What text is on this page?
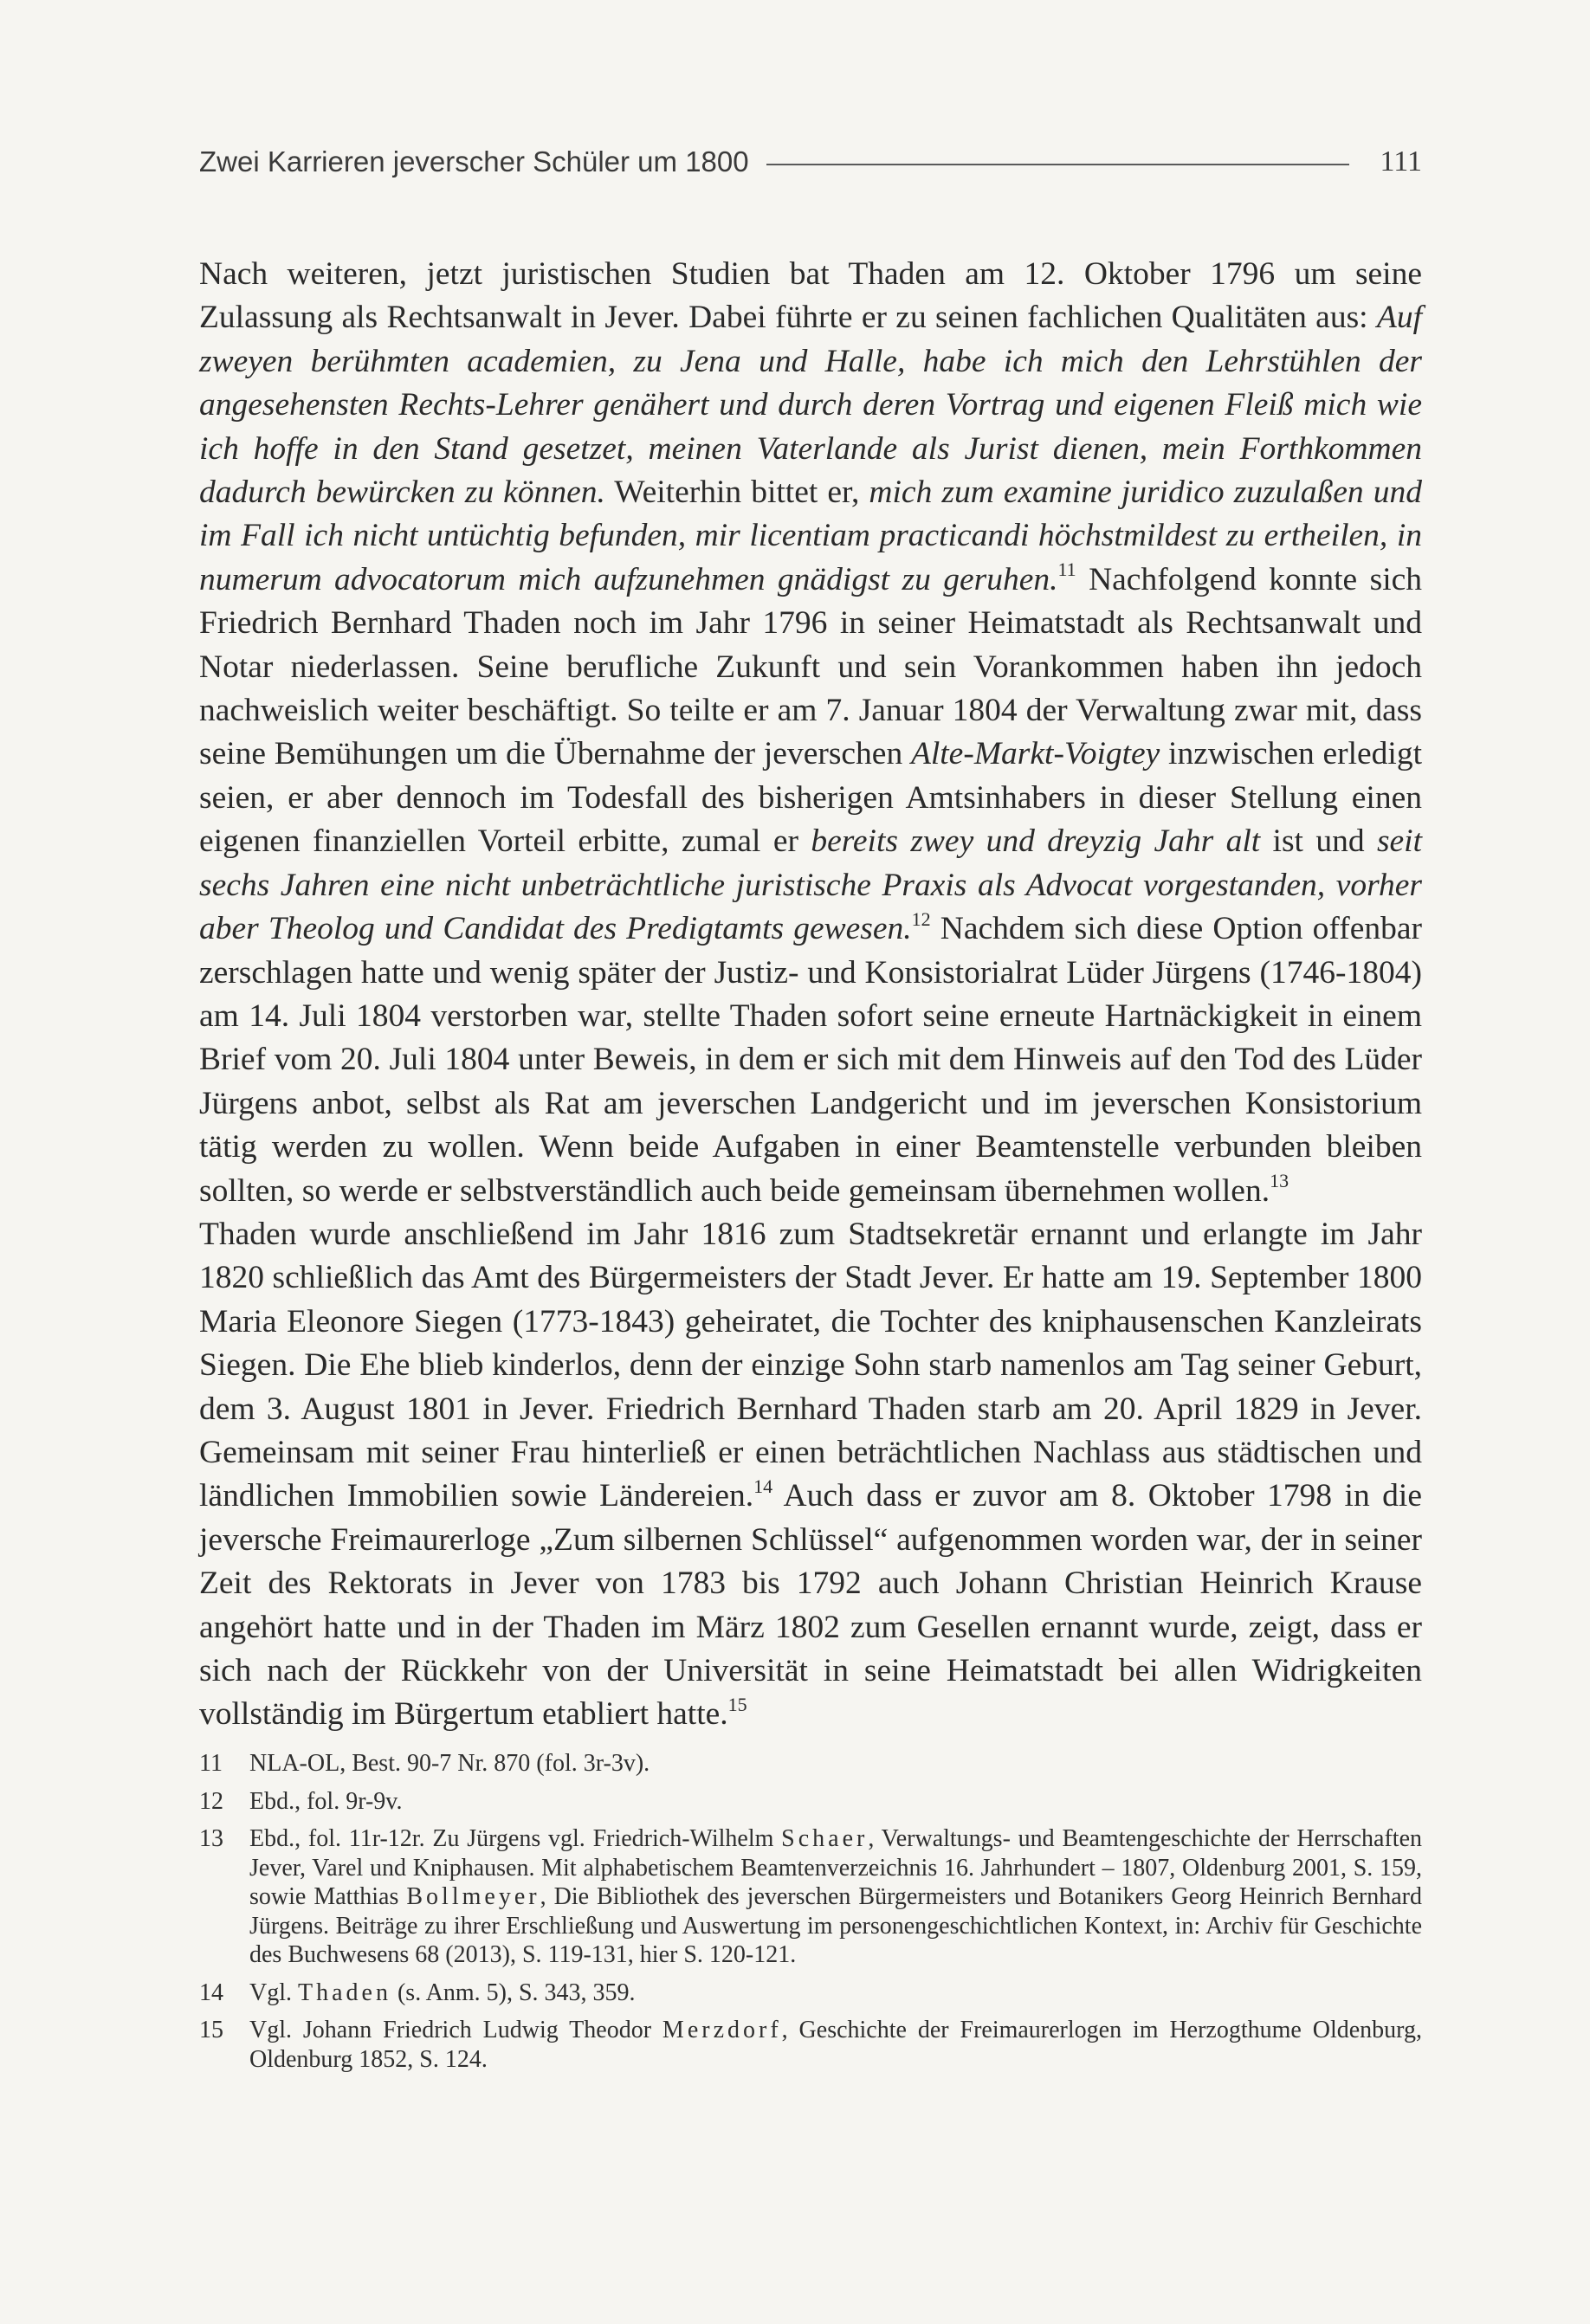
Zwei Karrieren jeverscher Schüler um 1800	111

Nach weiteren, jetzt juristischen Studien bat Thaden am 12. Oktober 1796 um seine Zulassung als Rechtsanwalt in Jever. Dabei führte er zu seinen fachlichen Qualitäten aus: Auf zweyen berühmten academien, zu Jena und Halle, habe ich mich den Lehrstühlen der angesehensten Rechts-Lehrer genähert und durch deren Vortrag und eigenen Fleiß mich wie ich hoffe in den Stand gesetzet, meinen Vaterlande als Jurist dienen, mein Forthkommen dadurch bewürcken zu können. Weiterhin bittet er, mich zum examine juridico zuzulaßen und im Fall ich nicht untüchtig befunden, mir licentiam practicandi höchstmildest zu ertheilen, in numerum advocatorum mich aufzunehmen gnädigst zu geruhen.$^{11}$ Nachfolgend konnte sich Friedrich Bernhard Thaden noch im Jahr 1796 in seiner Heimatstadt als Rechtsanwalt und Notar niederlassen. Seine berufliche Zukunft und sein Vorankommen haben ihn jedoch nachweislich weiter beschäftigt. So teilte er am 7. Januar 1804 der Verwaltung zwar mit, dass seine Bemühungen um die Übernahme der jeverschen Alte-Markt-Voigtey inzwischen erledigt seien, er aber dennoch im Todesfall des bisherigen Amtsinhabers in dieser Stellung einen eigenen finanziellen Vorteil erbitte, zumal er bereits zwey und dreyzig Jahr alt ist und seit sechs Jahren eine nicht unbeträchtliche juristische Praxis als Advocat vorgestanden, vorher aber Theolog und Candidat des Predigtamts gewesen.$^{12}$ Nachdem sich diese Option offenbar zerschlagen hatte und wenig später der Justiz- und Konsistorialrat Lüder Jürgens (1746-1804) am 14. Juli 1804 verstorben war, stellte Thaden sofort seine erneute Hartnäckigkeit in einem Brief vom 20. Juli 1804 unter Beweis, in dem er sich mit dem Hinweis auf den Tod des Lüder Jürgens anbot, selbst als Rat am jeverschen Landgericht und im jeverschen Konsistorium tätig werden zu wollen. Wenn beide Aufgaben in einer Beamtenstelle verbunden bleiben sollten, so werde er selbstverständlich auch beide gemeinsam übernehmen wollen.$^{13}$

Thaden wurde anschließend im Jahr 1816 zum Stadtsekretär ernannt und erlangte im Jahr 1820 schließlich das Amt des Bürgermeisters der Stadt Jever. Er hatte am 19. September 1800 Maria Eleonore Siegen (1773-1843) geheiratet, die Tochter des kniphausenschen Kanzleirats Siegen. Die Ehe blieb kinderlos, denn der einzige Sohn starb namenlos am Tag seiner Geburt, dem 3. August 1801 in Jever. Friedrich Bernhard Thaden starb am 20. April 1829 in Jever. Gemeinsam mit seiner Frau hinterließ er einen beträchtlichen Nachlass aus städtischen und ländlichen Immobilien sowie Ländereien.$^{14}$ Auch dass er zuvor am 8. Oktober 1798 in die jeversche Freimaurerloge „Zum silbernen Schlüssel“ aufgenommen worden war, der in seiner Zeit des Rektorats in Jever von 1783 bis 1792 auch Johann Christian Heinrich Krause angehört hatte und in der Thaden im März 1802 zum Gesellen ernannt wurde, zeigt, dass er sich nach der Rückkehr von der Universität in seine Heimatstadt bei allen Widrigkeiten vollständig im Bürgertum etabliert hatte.$^{15}$

11	NLA-OL, Best. 90-7 Nr. 870 (fol. 3r-3v).
12	Ebd., fol. 9r-9v.
13	Ebd., fol. 11r-12r. Zu Jürgens vgl. Friedrich-Wilhelm Schaer, Verwaltungs- und Beamtengeschichte der Herrschaften Jever, Varel und Kniphausen. Mit alphabetischem Beamtenverzeichnis 16. Jahrhundert – 1807, Oldenburg 2001, S. 159, sowie Matthias Bollmeyer, Die Bibliothek des jeverschen Bürgermeisters und Botanikers Georg Heinrich Bernhard Jürgens. Beiträge zu ihrer Erschließung und Auswertung im personengeschichtlichen Kontext, in: Archiv für Geschichte des Buchwesens 68 (2013), S. 119-131, hier S. 120-121.
14	Vgl. Thaden (s. Anm. 5), S. 343, 359.
15	Vgl. Johann Friedrich Ludwig Theodor Merzdorf, Geschichte der Freimaurerlogen im Herzogthume Oldenburg, Oldenburg 1852, S. 124.
